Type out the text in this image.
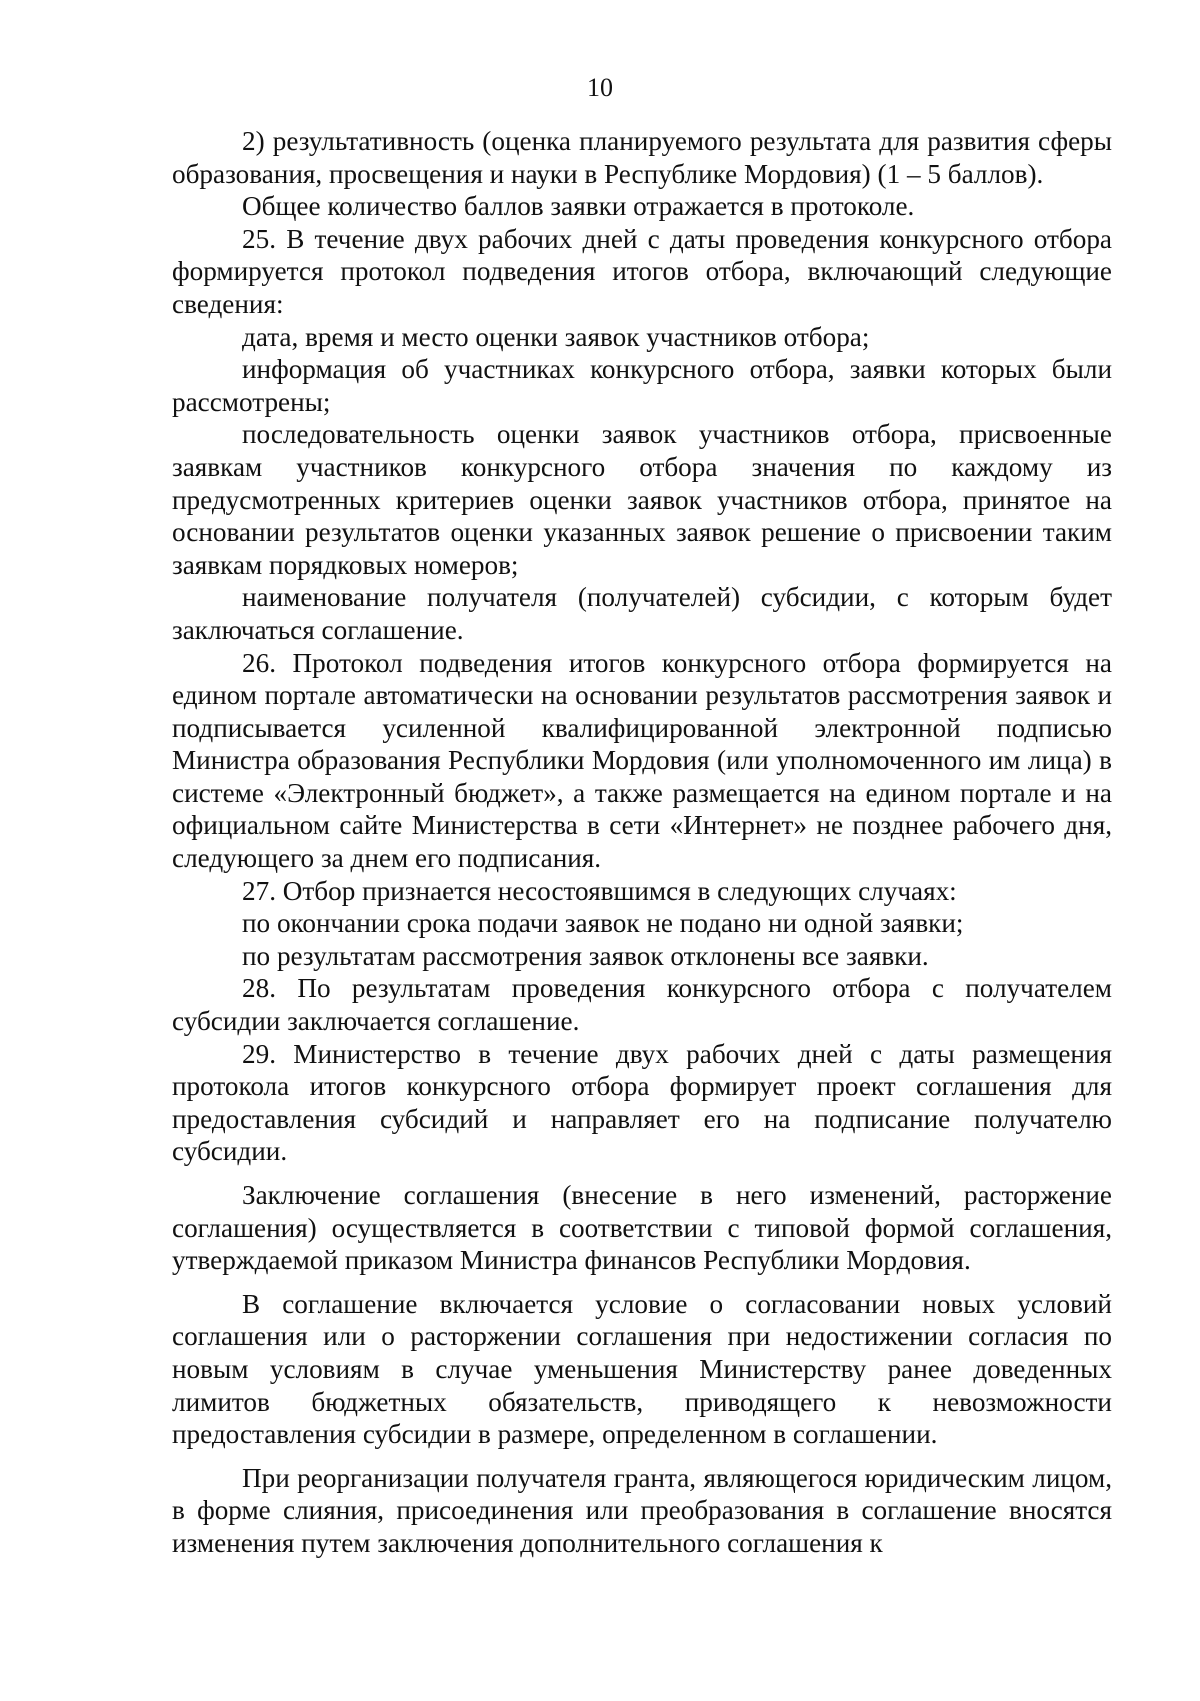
10

2) результативность (оценка планируемого результата для развития сферы образования, просвещения и науки в Республике Мордовия) (1 – 5 баллов).

Общее количество баллов заявки отражается в протоколе.

25. В течение двух рабочих дней с даты проведения конкурсного отбора формируется протокол подведения итогов отбора, включающий следующие сведения:

дата, время и место оценки заявок участников отбора;

информация об участниках конкурсного отбора, заявки которых были рассмотрены;

последовательность оценки заявок участников отбора, присвоенные заявкам участников конкурсного отбора значения по каждому из предусмотренных критериев оценки заявок участников отбора, принятое на основании результатов оценки указанных заявок решение о присвоении таким заявкам порядковых номеров;

наименование получателя (получателей) субсидии, с которым будет заключаться соглашение.

26. Протокол подведения итогов конкурсного отбора формируется на едином портале автоматически на основании результатов рассмотрения заявок и подписывается усиленной квалифицированной электронной подписью Министра образования Республики Мордовия (или уполномоченного им лица) в системе «Электронный бюджет», а также размещается на едином портале и на официальном сайте Министерства в сети «Интернет» не позднее рабочего дня, следующего за днем его подписания.

27. Отбор признается несостоявшимся в следующих случаях:

по окончании срока подачи заявок не подано ни одной заявки;

по результатам рассмотрения заявок отклонены все заявки.

28. По результатам проведения конкурсного отбора с получателем субсидии заключается соглашение.

29. Министерство в течение двух рабочих дней с даты размещения протокола итогов конкурсного отбора формирует проект соглашения для предоставления субсидий и направляет его на подписание получателю субсидии.

Заключение соглашения (внесение в него изменений, расторжение соглашения) осуществляется в соответствии с типовой формой соглашения, утверждаемой приказом Министра финансов Республики Мордовия.

В соглашение включается условие о согласовании новых условий соглашения или о расторжении соглашения при недостижении согласия по новым условиям в случае уменьшения Министерству ранее доведенных лимитов бюджетных обязательств, приводящего к невозможности предоставления субсидии в размере, определенном в соглашении.

При реорганизации получателя гранта, являющегося юридическим лицом, в форме слияния, присоединения или преобразования в соглашение вносятся изменения путем заключения дополнительного соглашения к
